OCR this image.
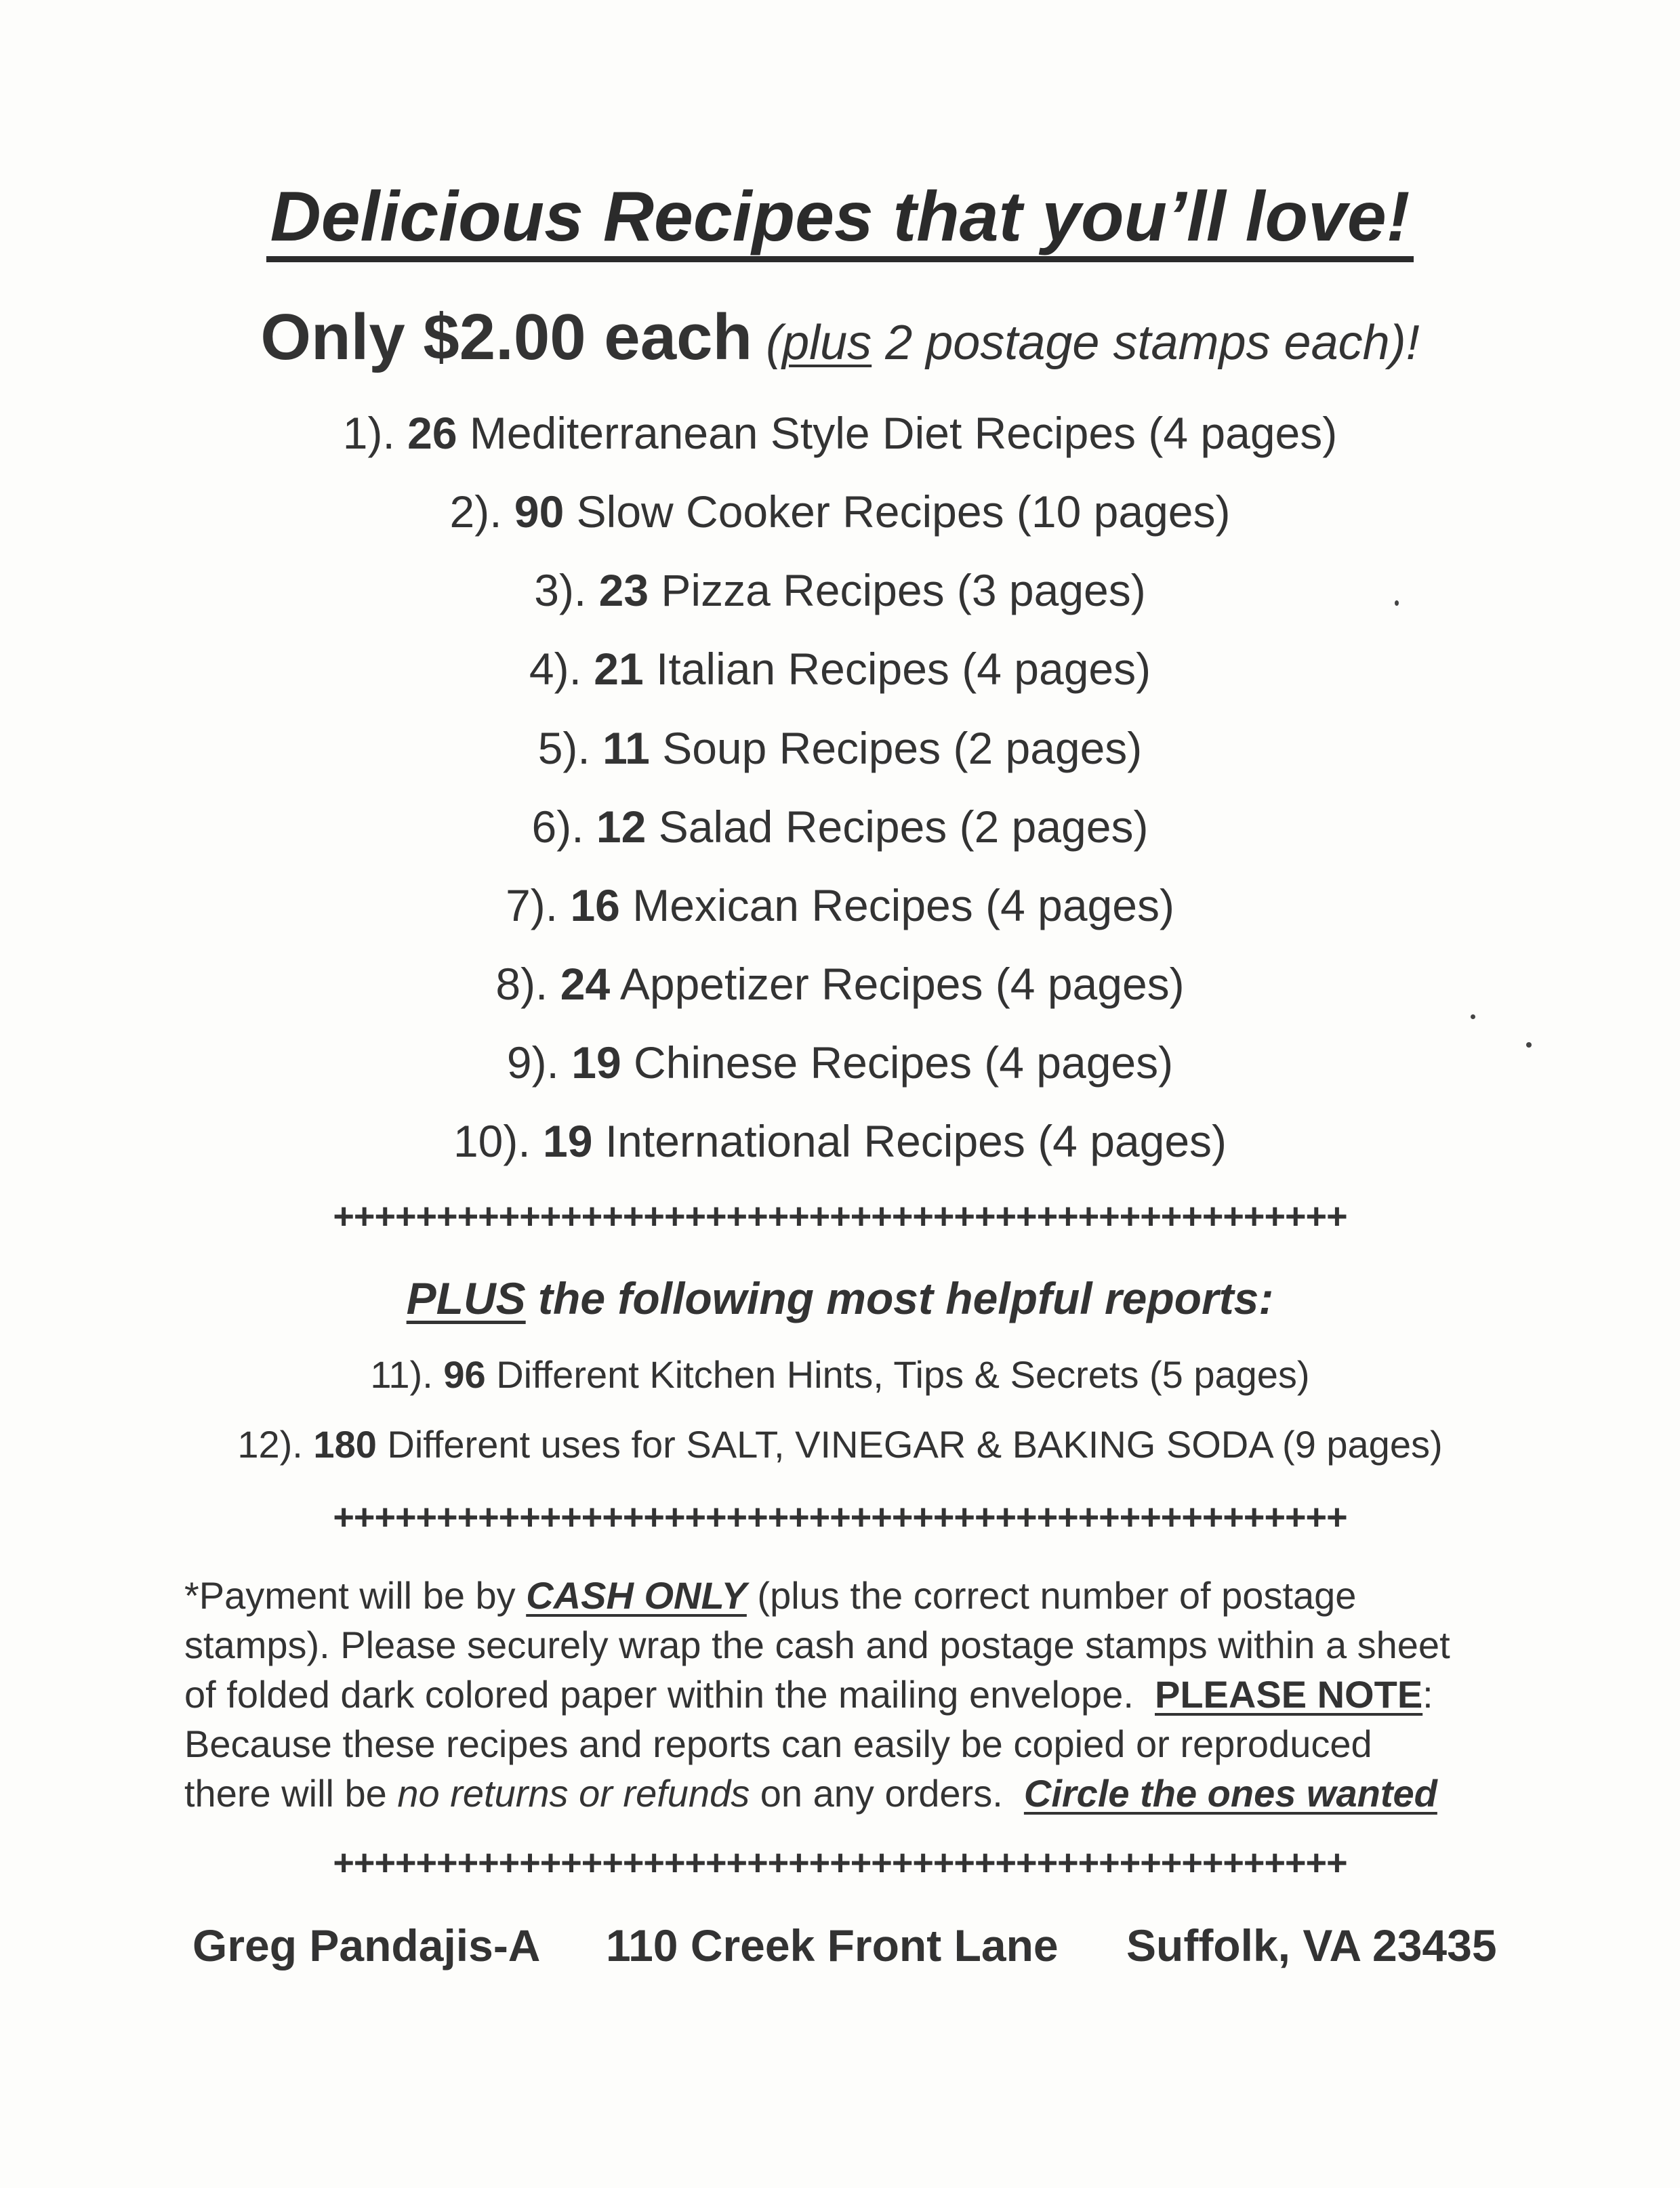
Delicious Recipes that you’ll love!
Only $2.00 each (plus 2 postage stamps each)!
1). 26 Mediterranean Style Diet Recipes (4 pages)
2). 90 Slow Cooker Recipes (10 pages)
3). 23 Pizza Recipes (3 pages)
4). 21 Italian Recipes (4 pages)
5). 11 Soup Recipes (2 pages)
6). 12 Salad Recipes (2 pages)
7). 16 Mexican Recipes (4 pages)
8). 24 Appetizer Recipes (4 pages)
9). 19 Chinese Recipes (4 pages)
10). 19 International Recipes (4 pages)
+++++++++++++++++++++++++++++++++++++++++++++++++
PLUS the following most helpful reports:
11). 96 Different Kitchen Hints, Tips & Secrets (5 pages)
12). 180 Different uses for SALT, VINEGAR & BAKING SODA (9 pages)
+++++++++++++++++++++++++++++++++++++++++++++++++
*Payment will be by CASH ONLY (plus the correct number of postage
stamps). Please securely wrap the cash and postage stamps within a sheet
of folded dark colored paper within the mailing envelope.  PLEASE NOTE:
Because these recipes and reports can easily be copied or reproduced
there will be no returns or refunds on any orders.  Circle the ones wanted
+++++++++++++++++++++++++++++++++++++++++++++++++
Greg Pandajis-A 110 Creek Front Lane Suffolk, VA 23435
